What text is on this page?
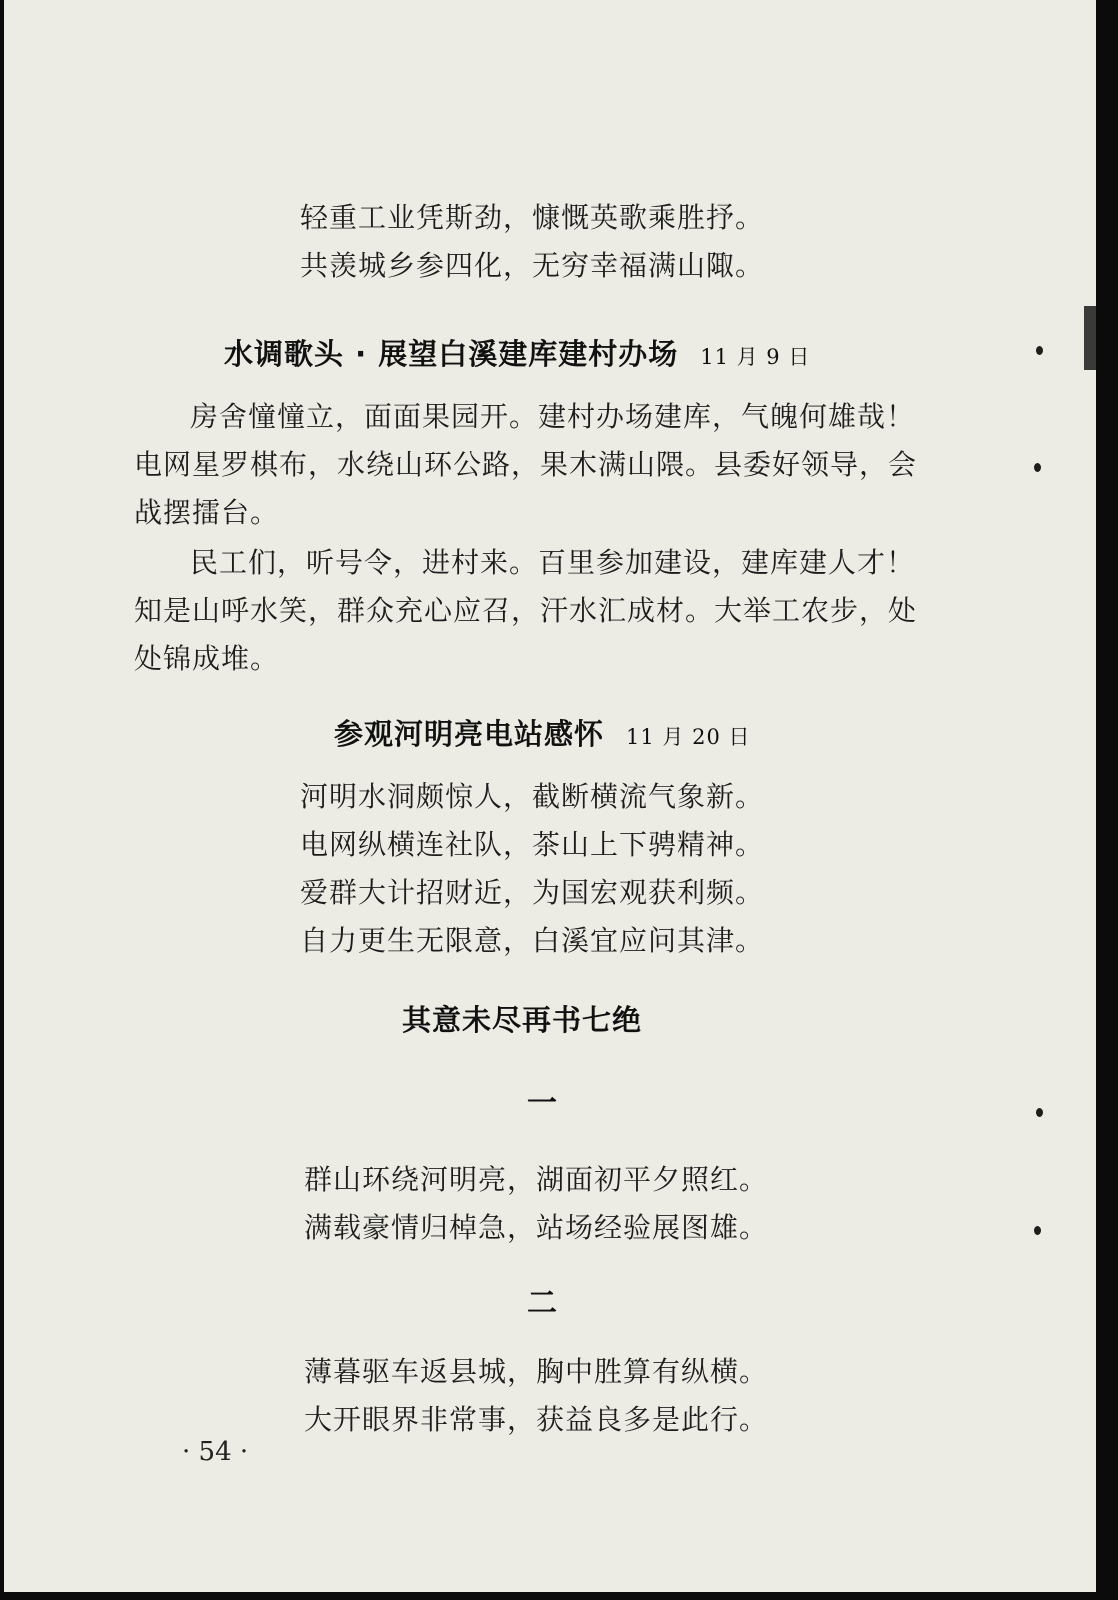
轻重工业凭斯劲，慷慨英歌乘胜抒。
共羡城乡参四化，无穷幸福满山陬。
水调歌头 · 展望白溪建库建村办场 11 月 9 日
房舍憧憧立，面面果园开。建村办场建库，气魄何雄哉！
电网星罗棋布，水绕山环公路，果木满山隈。县委好领导，会
战摆擂台。
民工们，听号令，进村来。百里参加建设，建库建人才！
知是山呼水笑，群众充心应召，汗水汇成材。大举工农步，处
处锦成堆。
参观河明亮电站感怀 11 月 20 日
河明水洞颇惊人，截断横流气象新。
电网纵横连社队，茶山上下骋精神。
爱群大计招财近，为国宏观获利频。
自力更生无限意，白溪宜应问其津。
其意未尽再书七绝
一
群山环绕河明亮，湖面初平夕照红。
满载豪情归棹急，站场经验展图雄。
二
薄暮驱车返县城，胸中胜算有纵横。
大开眼界非常事，获益良多是此行。
· 54 ·
